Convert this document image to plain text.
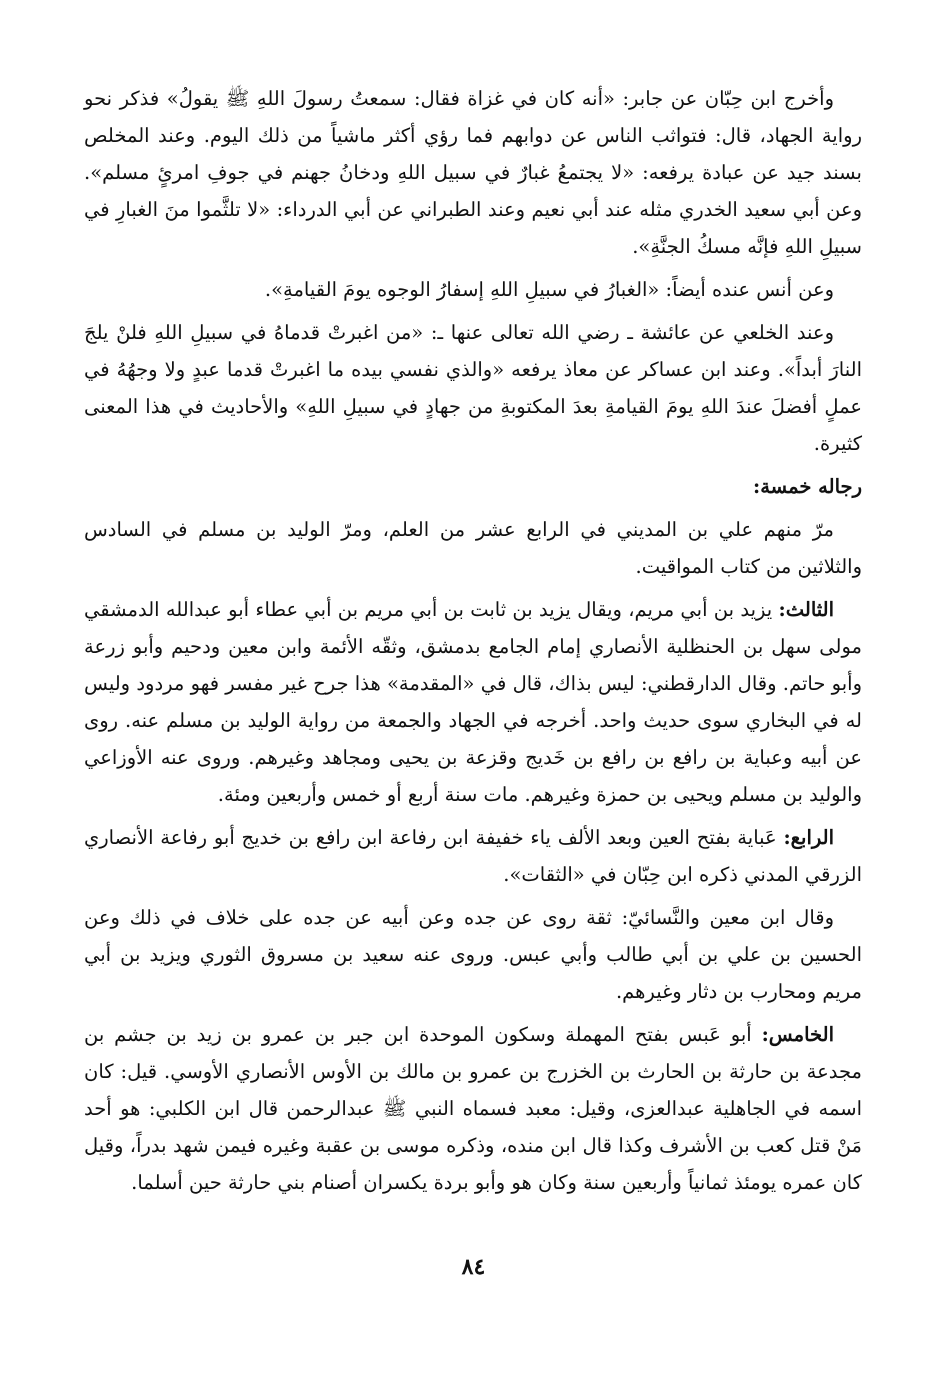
وأخرج ابن حِبّان عن جابر: «أنه كان في غزاة فقال: سمعتُ رسولَ اللهِ ﷺ يقولُ» فذكر نحو رواية الجهاد، قال: فتواثب الناس عن دوابهم فما رؤي أكثر ماشياً من ذلك اليوم. وعند المخلص بسند جيد عن عبادة يرفعه: «لا يجتمعُ غبارٌ في سبيل اللهِ ودخانُ جهنم في جوفِ امرئٍ مسلم». وعن أبي سعيد الخدري مثله عند أبي نعيم وعند الطبراني عن أبي الدرداء: «لا تلثَّموا منَ الغبارِ في سبيلِ اللهِ فإنَّه مسكُ الجنَّةِ».

وعن أنس عنده أيضاً: «الغبارُ في سبيلِ اللهِ إسفارُ الوجوه يومَ القيامةِ».

وعند الخلعي عن عائشة ـ رضي الله تعالى عنها ـ: «من اغبرتْ قدماهُ في سبيلِ اللهِ فلنْ يلجَ النارَ أبداً». وعند ابن عساكر عن معاذ يرفعه «والذي نفسي بيده ما اغبرتْ قدما عبدٍ ولا وجهُهُ في عملٍ أفضلَ عندَ اللهِ يومَ القيامةِ بعدَ المكتوبةِ من جهادٍ في سبيلِ اللهِ» والأحاديث في هذا المعنى كثيرة.

رجاله خمسة:

مرّ منهم علي بن المديني في الرابع عشر من العلم، ومرّ الوليد بن مسلم في السادس والثلاثين من كتاب المواقيت.

الثالث: يزيد بن أبي مريم، ويقال يزيد بن ثابت بن أبي مريم بن أبي عطاء أبو عبدالله الدمشقي مولى سهل بن الحنظلية الأنصاري إمام الجامع بدمشق، وثقّه الأئمة وابن معين ودحيم وأبو زرعة وأبو حاتم. وقال الدارقطني: ليس بذاك، قال في «المقدمة» هذا جرح غير مفسر فهو مردود وليس له في البخاري سوى حديث واحد. أخرجه في الجهاد والجمعة من رواية الوليد بن مسلم عنه. روى عن أبيه وعباية بن رافع بن رافع بن خَديج وقزعة بن يحيى ومجاهد وغيرهم. وروى عنه الأوزاعي والوليد بن مسلم ويحيى بن حمزة وغيرهم. مات سنة أربع أو خمس وأربعين ومئة.

الرابع: عَباية بفتح العين وبعد الألف ياء خفيفة ابن رفاعة ابن رافع بن خديج أبو رفاعة الأنصاري الزرقي المدني ذكره ابن حِبّان في «الثقات».

وقال ابن معين والنَّسائيّ: ثقة روى عن جده وعن أبيه عن جده على خلاف في ذلك وعن الحسين بن علي بن أبي طالب وأبي عبس. وروى عنه سعيد بن مسروق الثوري ويزيد بن أبي مريم ومحارب بن دثار وغيرهم.

الخامس: أبو عَبس بفتح المهملة وسكون الموحدة ابن جبر بن عمرو بن زيد بن جشم بن مجدعة بن حارثة بن الحارث بن الخزرج بن عمرو بن مالك بن الأوس الأنصاري الأوسي. قيل: كان اسمه في الجاهلية عبدالعزى، وقيل: معبد فسماه النبي ﷺ عبدالرحمن قال ابن الكلبي: هو أحد مَنْ قتل كعب بن الأشرف وكذا قال ابن منده، وذكره موسى بن عقبة وغيره فيمن شهد بدراً، وقيل كان عمره يومئذ ثمانياً وأربعين سنة وكان هو وأبو بردة يكسران أصنام بني حارثة حين أسلما.

٨٤
